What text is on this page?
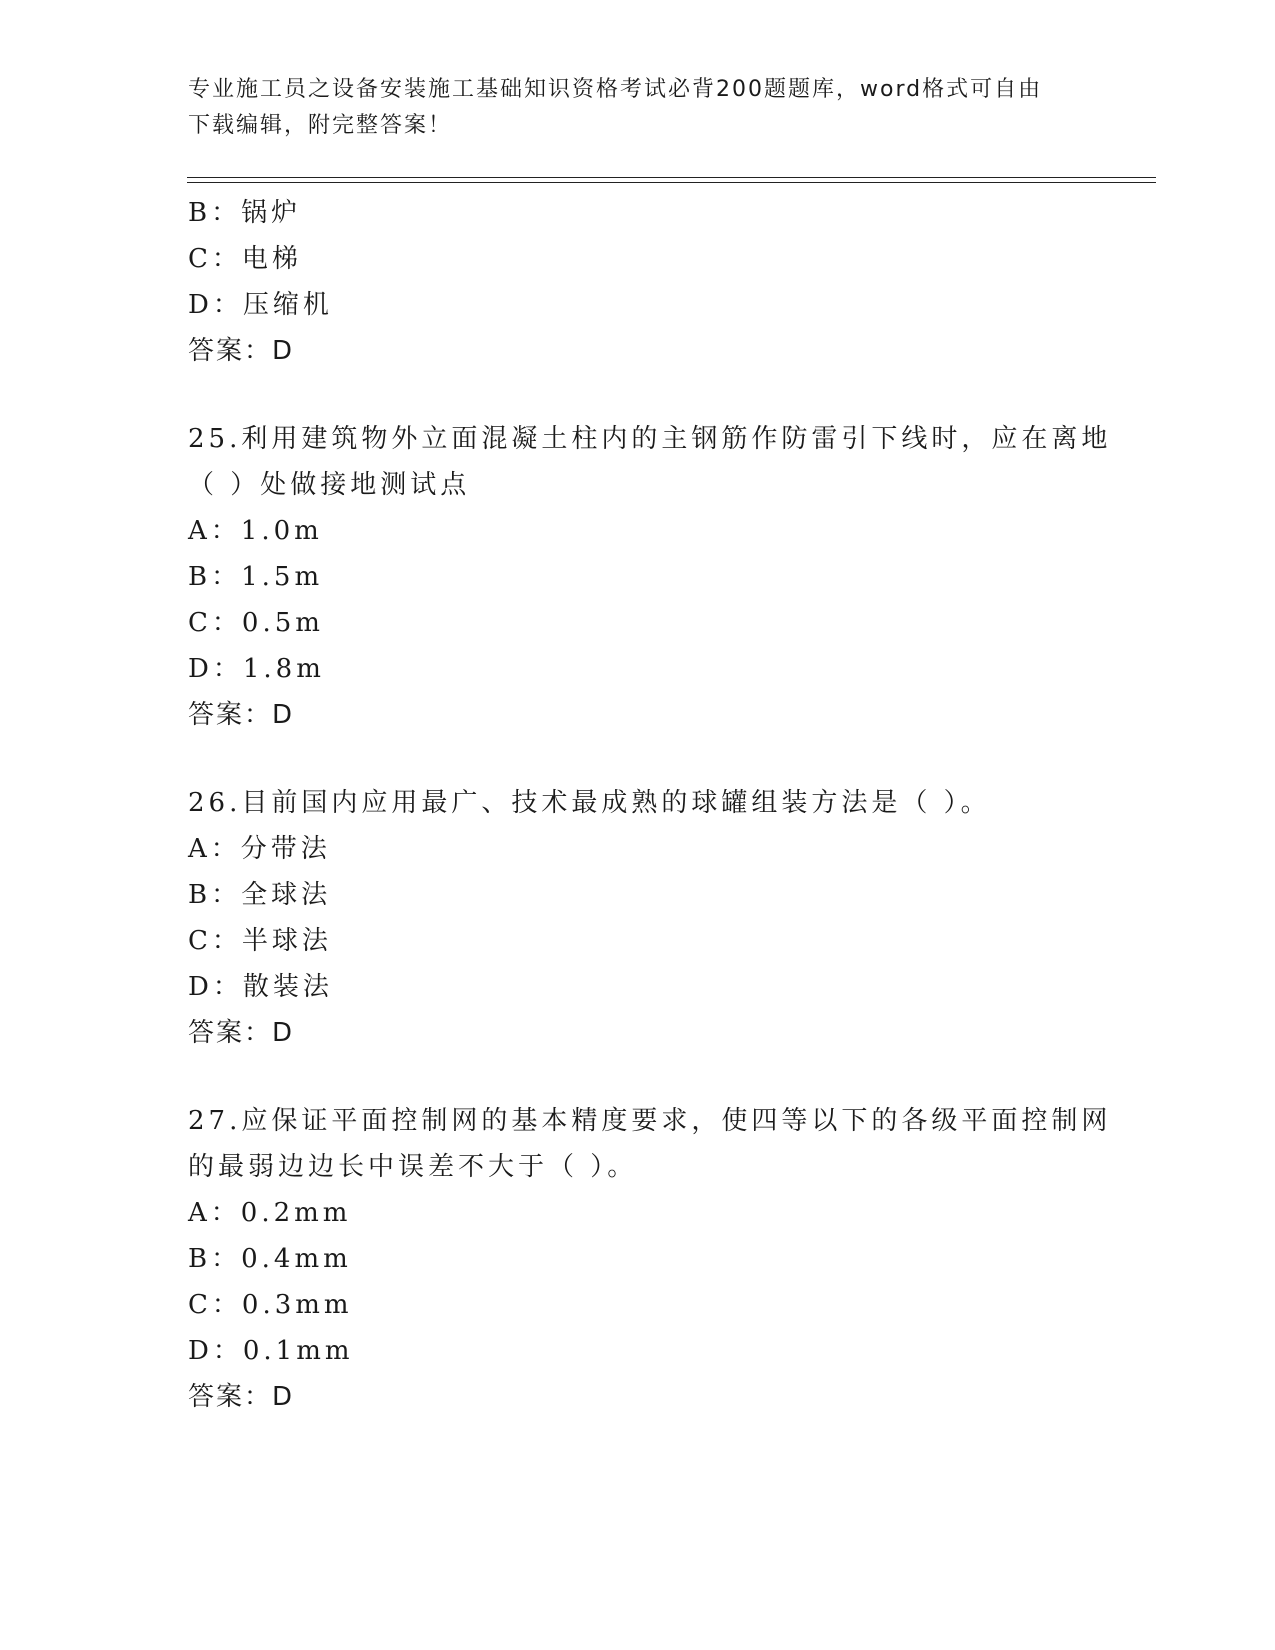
专业施工员之设备安装施工基础知识资格考试必背200题题库，word格式可自由
下载编辑，附完整答案！
B：锅炉
C：电梯
D：压缩机
答案：D
25.利用建筑物外立面混凝土柱内的主钢筋作防雷引下线时，应在离地
（ ）处做接地测试点
A：1.0m
B：1.5m
C：0.5m
D：1.8m
答案：D
26.目前国内应用最广、技术最成熟的球罐组装方法是（ ）。
A：分带法
B：全球法
C：半球法
D：散装法
答案：D
27.应保证平面控制网的基本精度要求，使四等以下的各级平面控制网
的最弱边边长中误差不大于（ ）。
A：0.2mm
B：0.4mm
C：0.3mm
D：0.1mm
答案：D
